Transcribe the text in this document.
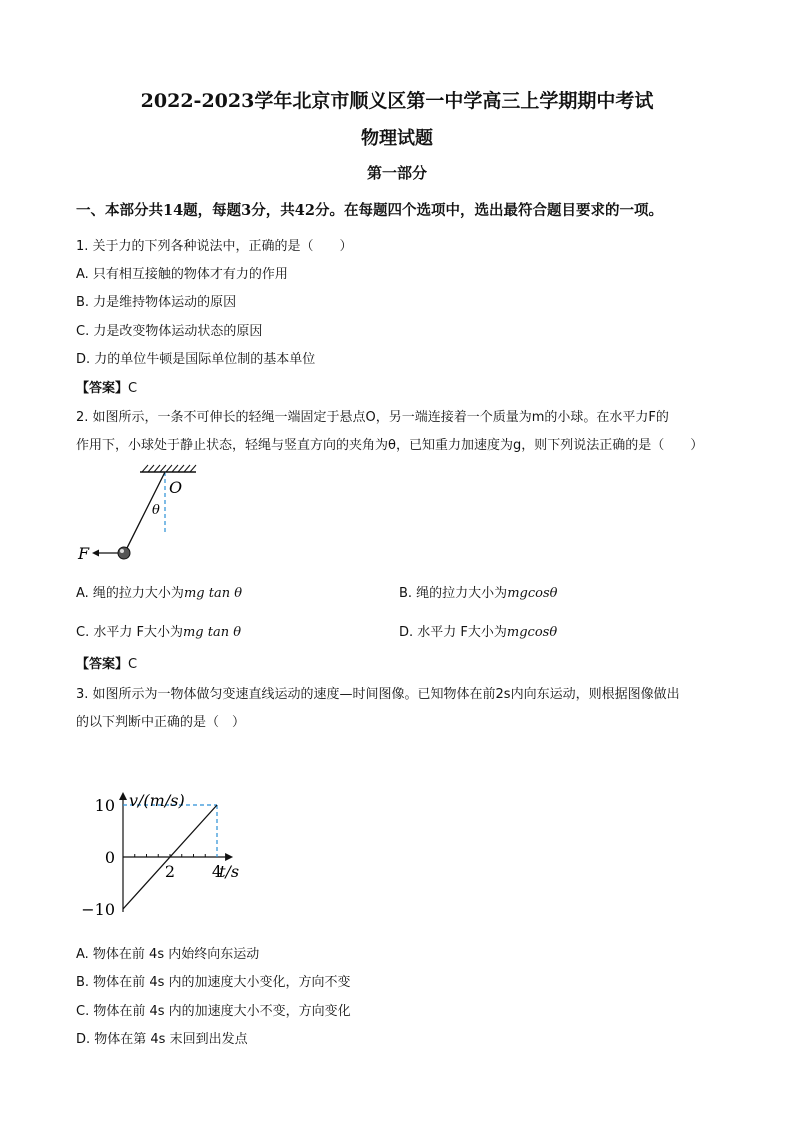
2022-2023学年北京市顺义区第一中学高三上学期期中考试
物理试题
第一部分
一、本部分共14题，每题3分，共42分。在每题四个选项中，选出最符合题目要求的一项。
1. 关于力的下列各种说法中，正确的是（　　）
A. 只有相互接触的物体才有力的作用
B. 力是维持物体运动的原因
C. 力是改变物体运动状态的原因
D. 力的单位牛顿是国际单位制的基本单位
【答案】C
2. 如图所示，一条不可伸长的轻绳一端固定于悬点O，另一端连接着一个质量为m的小球。在水平力F的
作用下，小球处于静止状态，轻绳与竖直方向的夹角为θ，已知重力加速度为g，则下列说法正确的是（　　）
O
θ
F
A. 绳的拉力大小为mg tan θ	B. 绳的拉力大小为mgcosθ
C. 水平力 F大小为mg tan θ	D. 水平力 F大小为mgcosθ
【答案】C
3. 如图所示为一物体做匀变速直线运动的速度—时间图像。已知物体在前2s内向东运动，则根据图像做出
的以下判断中正确的是（　）
10
0
−10
2 4
v/(m/s)
t/s
A. 物体在前 4s 内始终向东运动
B. 物体在前 4s 内的加速度大小变化，方向不变
C. 物体在前 4s 内的加速度大小不变，方向变化
D. 物体在第 4s 末回到出发点
